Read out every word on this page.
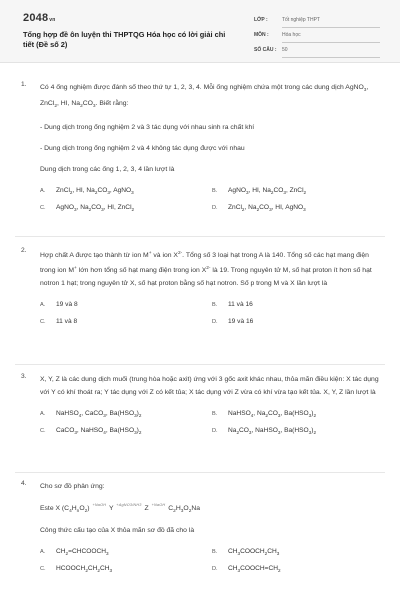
2048vn
Tổng hợp đề ôn luyện thi THPTQG Hóa học có lời giải chi tiết (Đề số 2)
LỚP :	Tốt nghiệp THPT
MÔN :	Hóa học
SỐ CÂU :	50
1. Có 4 ống nghiệm được đánh số theo thứ tự 1, 2, 3, 4. Mỗi ống nghiệm chứa một trong các dung dịch AgNO$_3$, ZnCl$_2$, HI, $Na_2CO_3$. Biết rằng:

- Dung dịch trong ống nghiệm 2 và 3 tác dụng với nhau sinh ra chất khí

- Dung dịch trong ống nghiệm 2 và 4 không tác dụng được với nhau

Dung dịch trong các ống 1, 2, 3, 4 lần lượt là

A.	ZnCl$_2$, HI, $Na_2CO_3$, AgNO$_3$	B.	AgNO$_3$, HI, $Na_2CO_3$, ZnCl$_2$
C.	AgNO$_3$, $Na_2CO_3$, HI, ZnCl$_2$	D.	ZnCl$_2$, $Na_2CO_3$, HI, AgNO$_3$
2.

Hợp chất A được tạo thành từ ion M+ và ion $X^{2-}$. Tổng số 3 loại hạt trong A là 140. Tổng số các hạt mang điện trong ion M+ lớn hơn tổng số hạt mang điện trong ion $X^{2-}$ là 19. Trong nguyên tử M, số hạt proton ít hơn số hạt notron 1 hạt; trong nguyên tử X, số hạt proton bằng số hạt notron. Số p trong M và X lần lượt là

A.	19 và 8	B.	11 và 16
C.	11 và 8	D.	19 và 16
3. X, Y, Z là các dung dịch muối (trung hòa hoặc axit) ứng với 3 gốc axit khác nhau, thỏa mãn điều kiện: X tác dụng với Y có khí thoát ra; Y tác dụng với Z có kết tủa; X tác dụng với Z vừa có khí vừa tạo kết tủa. X, Y, Z lần lượt là

A.	NaHSO$_4$, CaCO$_3$, $Ba(HSO_3)_2$	B.	NaHSO$_4$, $Na_2CO_3$, $Ba(HSO_3)_2$
C.	CaCO$_3$, NaHSO$_4$, $Ba(HSO_3)_2$	D.	$Na_2CO_3$, NaHSO$_3$, $Ba(HSO_3)_2$
4. Cho sơ đồ phản ứng:

Este X $(C_4H_nO_2)$ $^{+NaOH}$ Y $^{+AgNO3/NH3}$ Z $^{+NaOH}$ $C_2H_3O_2Na$

Công thức cấu tạo của X thỏa mãn sơ đồ đã cho là

A.	$CH_2=CHCOOCH_3$	B.	$CH_3COOCH_2CH_3$
C.	$HCOOCH_2CH_2CH_3$	D.	$CH_3COOCH=CH_2$
